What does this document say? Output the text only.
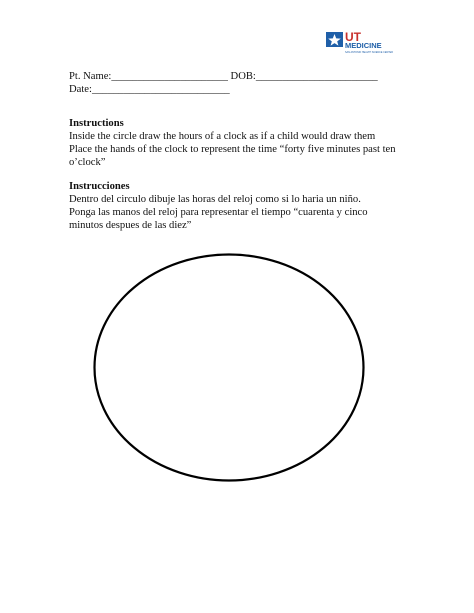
UT
MEDICINE
SAN ANTONIO HEALTH SCIENCE CENTER
Pt. Name:______________________ DOB:_______________________
Date:__________________________
Instructions
Inside the circle draw the hours of a clock as if a child would draw them
Place the hands of the clock to represent the time “forty five minutes past ten
o’clock”
Instrucciones
Dentro del circulo dibuje las horas del reloj como si lo haria un niño.
Ponga las manos del reloj para representar el tiempo “cuarenta y cinco
minutos despues de las diez”
